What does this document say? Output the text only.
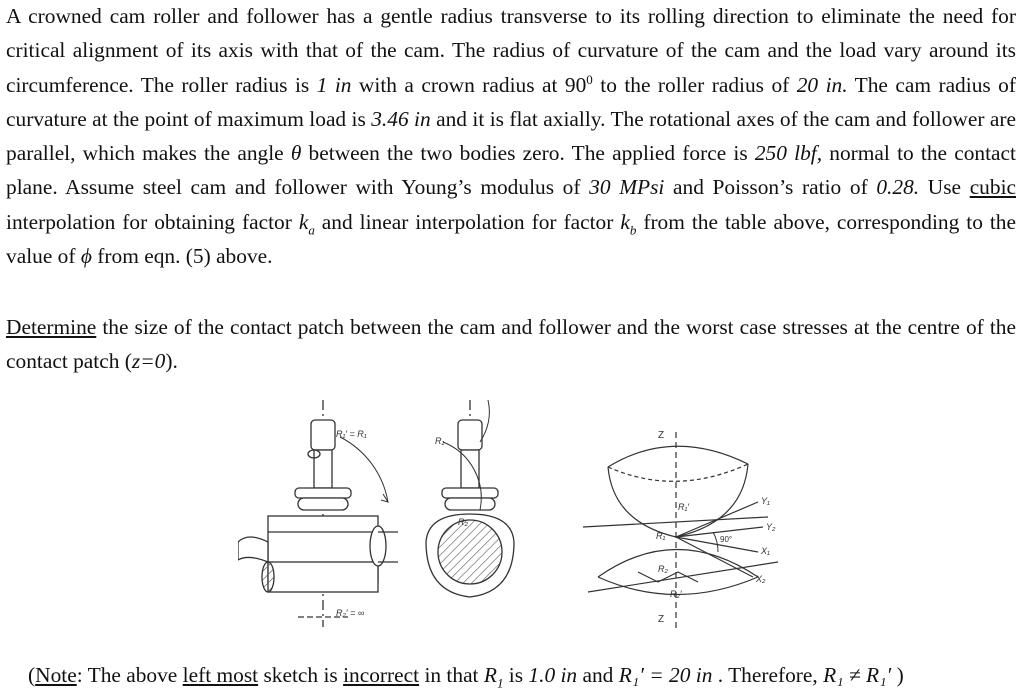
A crowned cam roller and follower has a gentle radius transverse to its rolling direction to eliminate the need for critical alignment of its axis with that of the cam. The radius of curvature of the cam and the load vary around its circumference. The roller radius is 1 in with a crown radius at $90^0$ to the roller radius of 20 in. The cam radius of curvature at the point of maximum load is 3.46 in and it is flat axially. The rotational axes of the cam and follower are parallel, which makes the angle θ between the two bodies zero. The applied force is 250 lbf, normal to the contact plane. Assume steel cam and follower with Young’s modulus of 30 MPsi and Poisson’s ratio of 0.28. Use cubic interpolation for obtaining factor $k_a$ and linear interpolation for factor $k_b$ from the table above, corresponding to the value of ϕ from eqn. (5) above.
Determine the size of the contact patch between the cam and follower and the worst case stresses at the centre of the contact patch (z=0).
R₁′ = R₁
R₂′ = ∞
R₁
R₂
Z
R₁′
R₁
R₂
R₂′
Y₁
Y₂
X₁
X₂
90°
Z
(Note: The above left most sketch is incorrect in that $R_1$ is 1.0 in and R₁′ = 20 in . Therefore, R₁ ≠ R₁′ )
